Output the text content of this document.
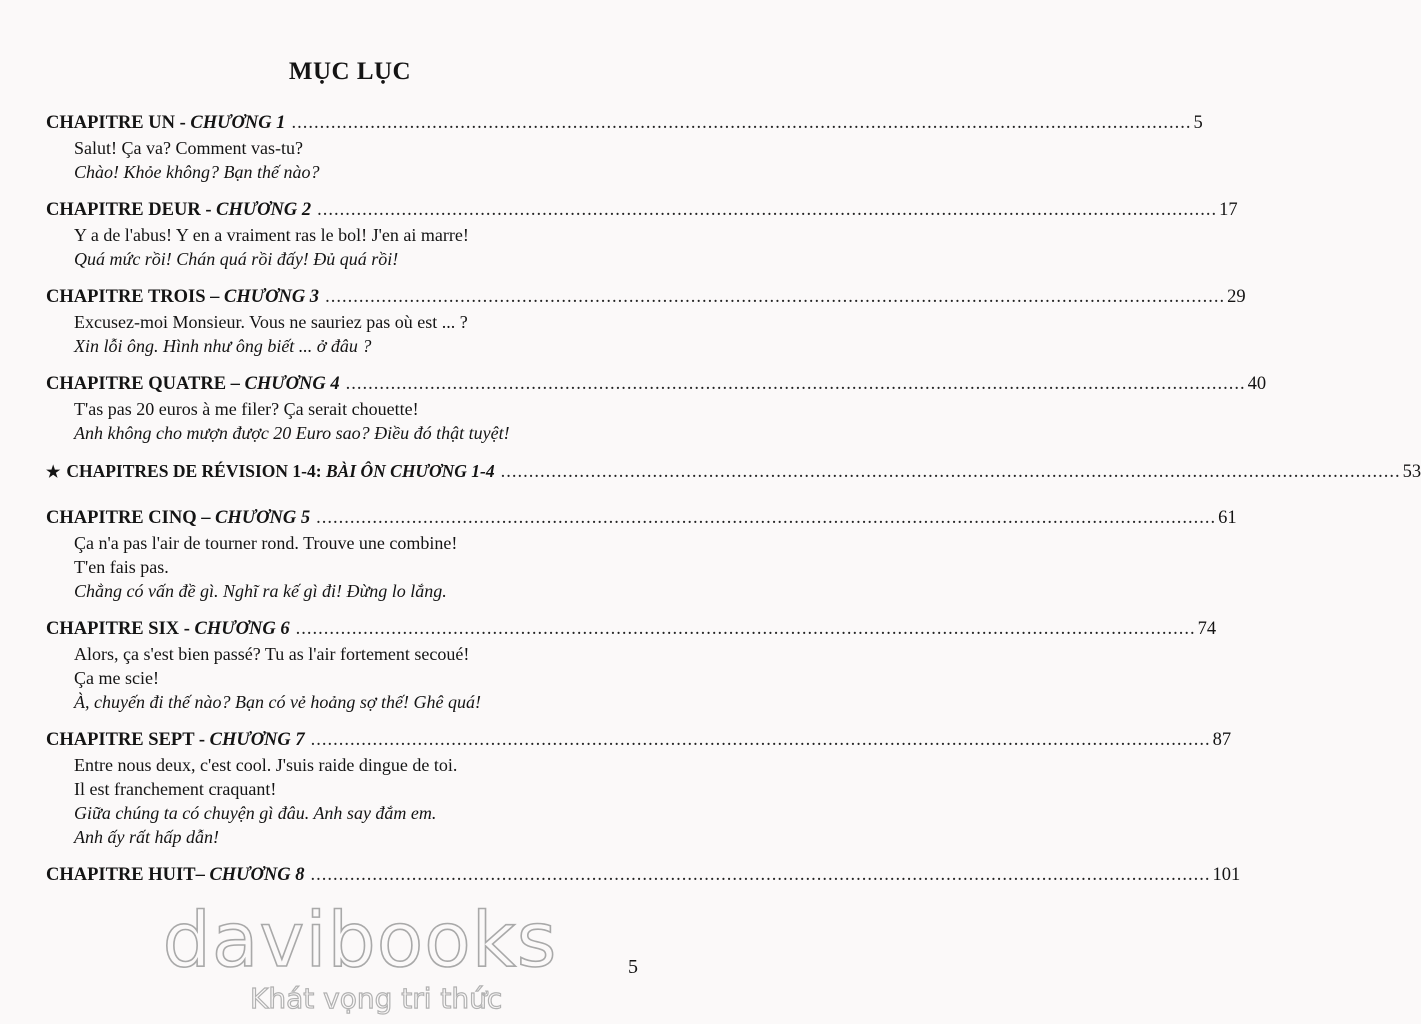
MỤC LỤC
CHAPITRE UN - CHƯƠNG 1 ................................................................................................................................................................ 5
Salut! Ça va? Comment vas-tu?
Chào! Khỏe không? Bạn thế nào?
CHAPITRE DEUR - CHƯƠNG 2 ................................................................................................................................................................ 17
Y a de l'abus! Y en a vraiment ras le bol! J'en ai marre!
Quá mức rồi! Chán quá rồi đấy! Đủ quá rồi!
CHAPITRE TROIS – CHƯƠNG 3 ................................................................................................................................................................ 29
Excusez-moi Monsieur. Vous ne sauriez pas où est ... ?
Xin lỗi ông. Hình như ông biết ... ở đâu ?
CHAPITRE QUATRE – CHƯƠNG 4 ................................................................................................................................................................ 40
T'as pas 20 euros à me filer? Ça serait chouette!
Anh không cho mượn được 20 Euro sao? Điều đó thật tuyệt!
★ CHAPITRES DE RÉVISION 1-4: BÀI ÔN CHƯƠNG 1-4 ................................................................................................................................................................ 53
CHAPITRE CINQ – CHƯƠNG 5 ................................................................................................................................................................ 61
Ça n'a pas l'air de tourner rond. Trouve une combine!
T'en fais pas.
Chẳng có vấn đề gì. Nghĩ ra kế gì đi! Đừng lo lắng.
CHAPITRE SIX - CHƯƠNG 6 ................................................................................................................................................................ 74
Alors, ça s'est bien passé? Tu as l'air fortement secoué!
Ça me scie!
À, chuyến đi thế nào? Bạn có vẻ hoảng sợ thế! Ghê quá!
CHAPITRE SEPT - CHƯƠNG 7 ................................................................................................................................................................ 87
Entre nous deux, c'est cool. J'suis raide dingue de toi.
Il est franchement craquant!
Giữa chúng ta có chuyện gì đâu. Anh say đắm em.
Anh ấy rất hấp dẫn!
CHAPITRE HUIT– CHƯƠNG 8 ................................................................................................................................................................ 101
davibooks
Khát vọng tri thức
5
